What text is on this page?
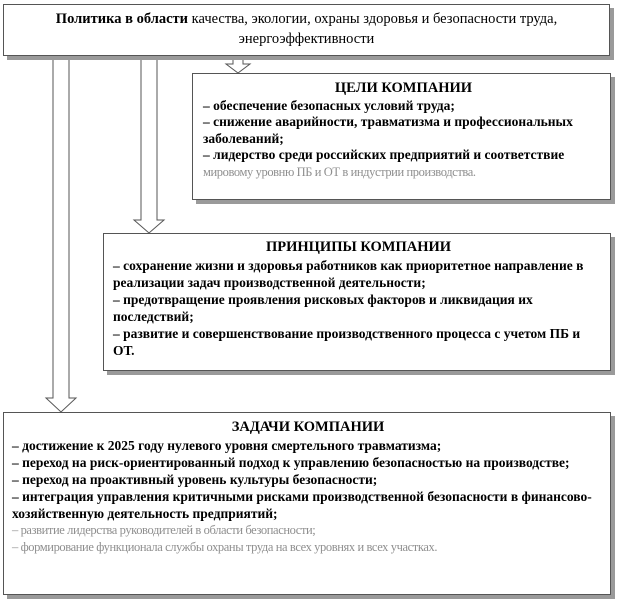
Политика в области качества, экологии, охраны здоровья и безопасности труда, энергоэффективности
ЦЕЛИ КОМПАНИИ
– обеспечение безопасных условий труда;
– снижение аварийности, травматизма и профессиональных заболеваний;
– лидерство среди российских предприятий и соответствие
мировому уровню ПБ и ОТ в индустрии производства.
ПРИНЦИПЫ КОМПАНИИ
– сохранение жизни и здоровья работников как приоритетное направление в реализации задач производственной деятельности;
– предотвращение проявления рисковых факторов и ликвидация их последствий;
– развитие и совершенствование производственного процесса с учетом ПБ и ОТ.
ЗАДАЧИ КОМПАНИИ
– достижение к 2025 году нулевого уровня смертельного травматизма;
– переход на риск-ориентированный подход к управлению безопасностью на производстве;
– переход на проактивный уровень культуры безопасности;
– интеграция управления критичными рисками производственной безопасности в финансово-хозяйственную деятельность предприятий;
– развитие лидерства руководителей в области безопасности;
– формирование функционала службы охраны труда на всех уровнях и всех участках.
